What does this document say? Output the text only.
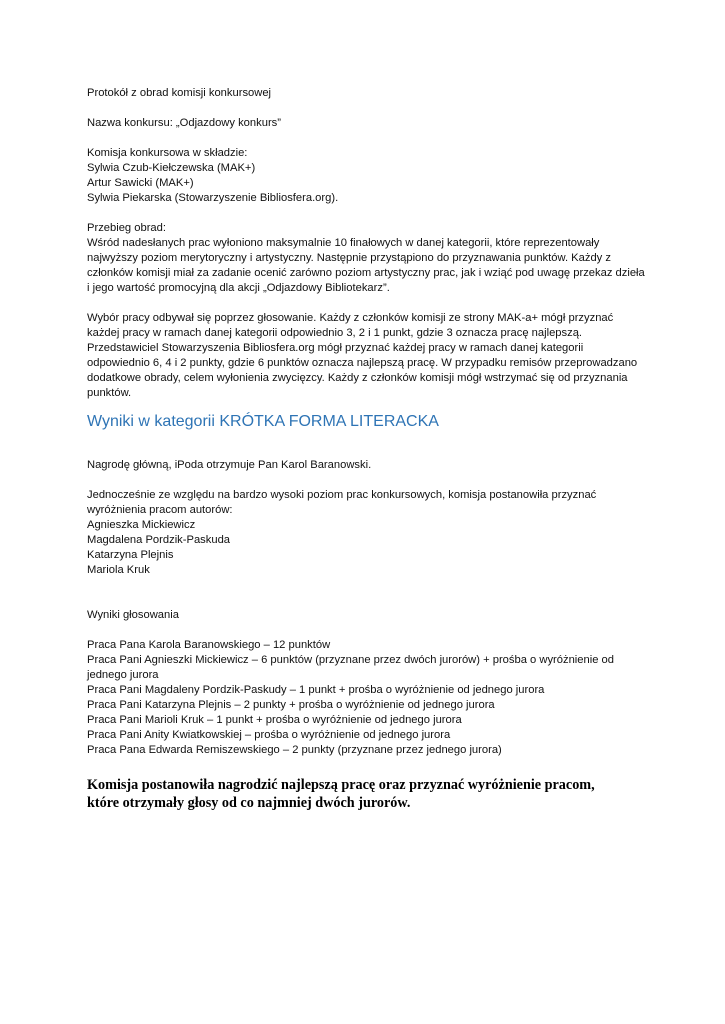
Protokół z obrad komisji konkursowej

Nazwa konkursu: „Odjazdowy konkurs”

Komisja konkursowa w składzie:
Sylwia Czub-Kiełczewska (MAK+)
Artur Sawicki (MAK+)
Sylwia Piekarska (Stowarzyszenie Bibliosfera.org).
Przebieg obrad:
Wśród nadesłanych prac wyłoniono maksymalnie 10 finałowych w danej kategorii, które reprezentowały
najwyższy poziom merytoryczny i artystyczny. Następnie przystąpiono do przyznawania punktów. Każdy z
członków komisji miał za zadanie ocenić zarówno poziom artystyczny prac, jak i wziąć pod uwagę przekaz dzieła
i jego wartość promocyjną dla akcji „Odjazdowy Bibliotekarz”.
Wybór pracy odbywał się poprzez głosowanie. Każdy z członków komisji ze strony MAK-a+ mógł przyznać
każdej pracy w ramach danej kategorii odpowiednio 3, 2 i 1 punkt, gdzie 3 oznacza pracę najlepszą.
Przedstawiciel Stowarzyszenia Bibliosfera.org mógł przyznać każdej pracy w ramach danej kategorii
odpowiednio 6, 4 i 2 punkty, gdzie 6 punktów oznacza najlepszą pracę. W przypadku remisów przeprowadzano
dodatkowe obrady, celem wyłonienia zwycięzcy. Każdy z członków komisji mógł wstrzymać się od przyznania
punktów.
Wyniki w kategorii KRÓTKA FORMA LITERACKA

Nagrodę główną, iPoda otrzymuje Pan Karol Baranowski.

Jednocześnie ze względu na bardzo wysoki poziom prac konkursowych, komisja postanowiła przyznać
wyróżnienia pracom autorów:
Agnieszka Mickiewicz
Magdalena Pordzik-Paskuda
Katarzyna Plejnis
Mariola Kruk

Wyniki głosowania

Praca Pana Karola Baranowskiego – 12 punktów
Praca Pani Agnieszki Mickiewicz – 6 punktów (przyznane przez dwóch jurorów) + prośba o wyróżnienie od
jednego jurora
Praca Pani Magdaleny Pordzik-Paskudy – 1 punkt + prośba o wyróżnienie od jednego jurora
Praca Pani Katarzyna Plejnis – 2 punkty + prośba o wyróżnienie od jednego jurora
Praca Pani Marioli Kruk – 1 punkt + prośba o wyróżnienie od jednego jurora
Praca Pani Anity Kwiatkowskiej – prośba o wyróżnienie od jednego jurora
Praca Pana Edwarda Remiszewskiego – 2 punkty (przyznane przez jednego jurora)
Komisja postanowiła nagrodzić najlepszą pracę oraz przyznać wyróżnienie pracom,
które otrzymały głosy od co najmniej dwóch jurorów.
